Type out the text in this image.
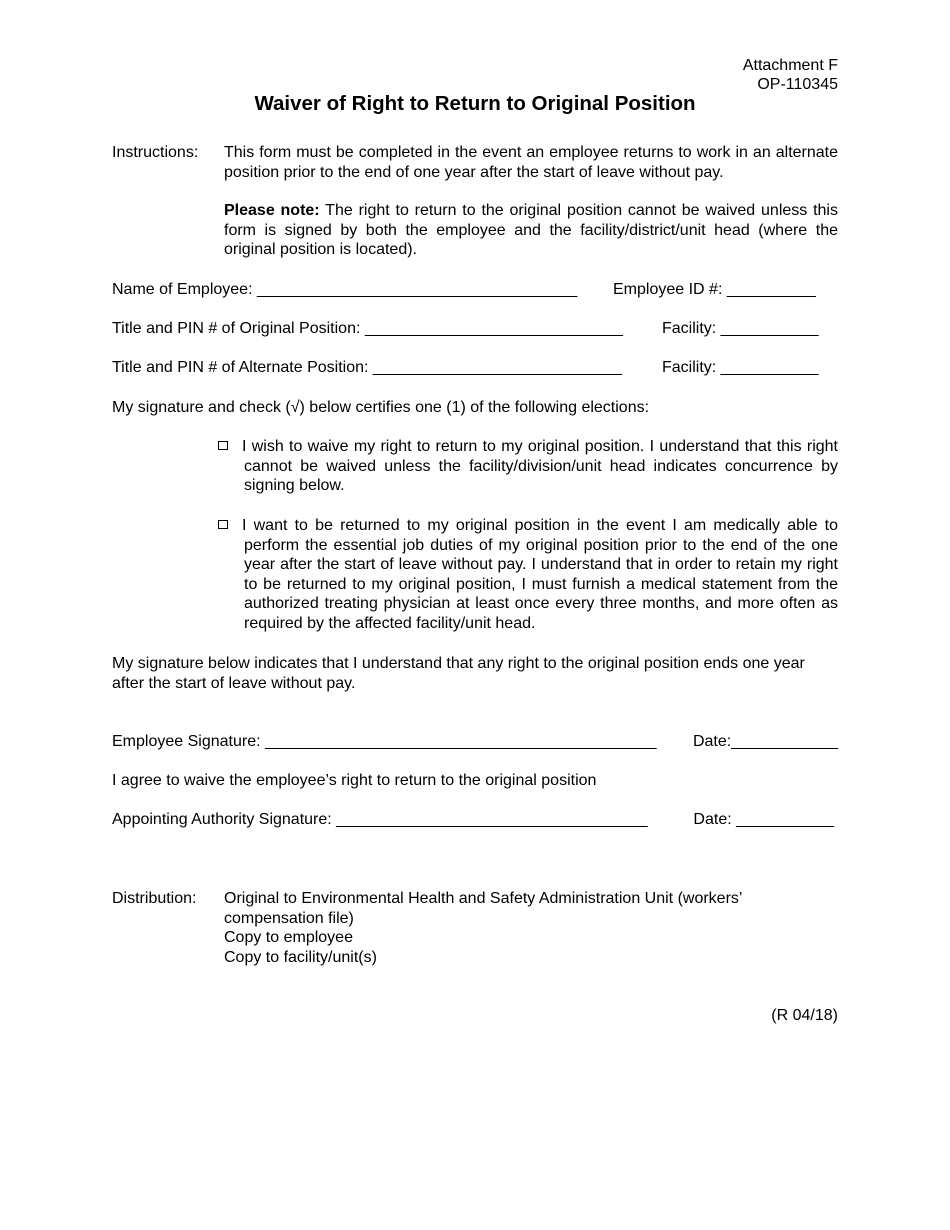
Attachment F
OP-110345
Waiver of Right to Return to Original Position
Instructions: This form must be completed in the event an employee returns to work in an alternate position prior to the end of one year after the start of leave without pay.
Please note: The right to return to the original position cannot be waived unless this form is signed by both the employee and the facility/district/unit head (where the original position is located).
Name of Employee: ____________________________________ Employee ID #: __________
Title and PIN # of Original Position: _____________________________ Facility: ___________
Title and PIN # of Alternate Position: ____________________________ Facility: ___________
My signature and check (√) below certifies one (1) of the following elections:
I wish to waive my right to return to my original position. I understand that this right cannot be waived unless the facility/division/unit head indicates concurrence by signing below.
I want to be returned to my original position in the event I am medically able to perform the essential job duties of my original position prior to the end of the one year after the start of leave without pay. I understand that in order to retain my right to be returned to my original position, I must furnish a medical statement from the authorized treating physician at least once every three months, and more often as required by the affected facility/unit head.
My signature below indicates that I understand that any right to the original position ends one year after the start of leave without pay.
Employee Signature: ____________________________________________ Date:____________
I agree to waive the employee’s right to return to the original position
Appointing Authority Signature: ___________________________________	Date: ___________
Distribution: Original to Environmental Health and Safety Administration Unit (workers’
compensation file)
Copy to employee
Copy to facility/unit(s)
(R 04/18)
